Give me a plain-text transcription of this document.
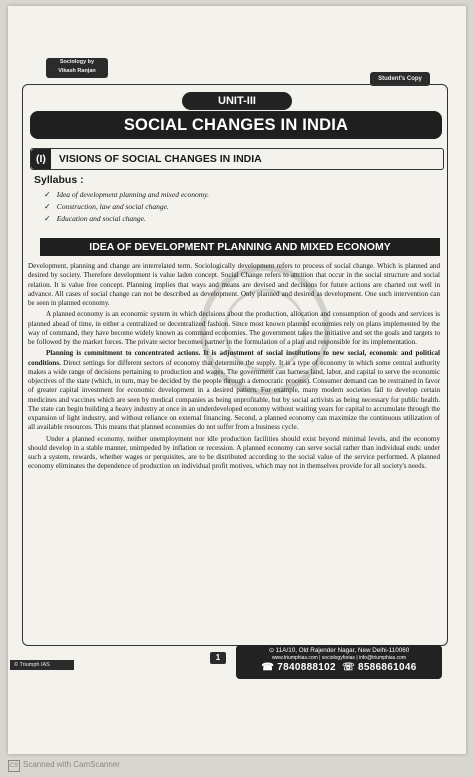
Sociology by
Vikash Ranjan
Student's Copy
UNIT-III
SOCIAL CHANGES IN INDIA
(I) VISIONS OF SOCIAL CHANGES IN INDIA
Syllabus :
✓ Idea of development planning and mixed economy.
✓ Construction, law and social change.
✓ Education and social change.
IDEA OF DEVELOPMENT PLANNING AND MIXED ECONOMY

Development, planning and change are interrelated term. Sociologically development refers to process of social change. Which is planned and desired by society. Therefore development is value laden concept. Social Change refers to attrition that occur in the social structure and social relation. It is value free concept. Planning implies that ways and means are devised and decisions for future actions are charted out well in advance. All cases of social change can not be described as development. Only planned and desired as development. One such intervention can be seen in planned economy.

A planned economy is an economic system in which decisions about the production, allocation and consumption of goods and services is planned ahead of time, in either a centralized or decentralized fashion. Since most known planned economies rely on plans implemented by the way of command, they have become widely known as command economies. The government takes the initiative and set the goals and targets to be followed by the market forces. The private sector becomes partner in the formulation of a plan and responsible for its implementation.

Planning is commitment to concentrated actions. It is adjustment of social institutions to new social, economic and political conditions. Direct settings for different sectors of economy that determine the supply. It is a type of economy in which some central authority makes a wide range of decisions pertaining to production and wages. The government can harness land, labor, and capital to serve the economic objectives of the state (which, in turn, may be decided by the people through a democratic process). Consumer demand can be restrained in favor of greater capital investment for economic development in a desired pattern. For example, many modern societies fail to develop certain medicines and vaccines which are seen by medical companies as being unprofitable, but by social activists as being necessary for public health. The state can begin building a heavy industry at once in an underdeveloped economy without waiting years for capital to accumulate through the expansion of light industry, and without reliance on external financing. Second, a planned economy can maximize the continuous utilization of all available resources. This means that planned economies do not suffer from a business cycle.

Under a planned economy, neither unemployment nor idle production facilities should exist beyond minimal levels, and the economy should develop in a stable manner, unimpeded by inflation or recession. A planned economy can serve social rather than individual ends: under such a system, rewards, whether wages or perquisites, are to be distributed according to the social value of the service performed. A planned economy eliminates the dependence of production on individual profit motives, which may not in themselves provide for all society's needs.

1
© Triumph IAS
⊙ 11A/10, Old Rajender Nagar, New Delhi-110060
www.triumphias.com | sociologyforias | info@triumphias.com
☎ 7840888102 ☏ 8586861046
CS Scanned with CamScanner
